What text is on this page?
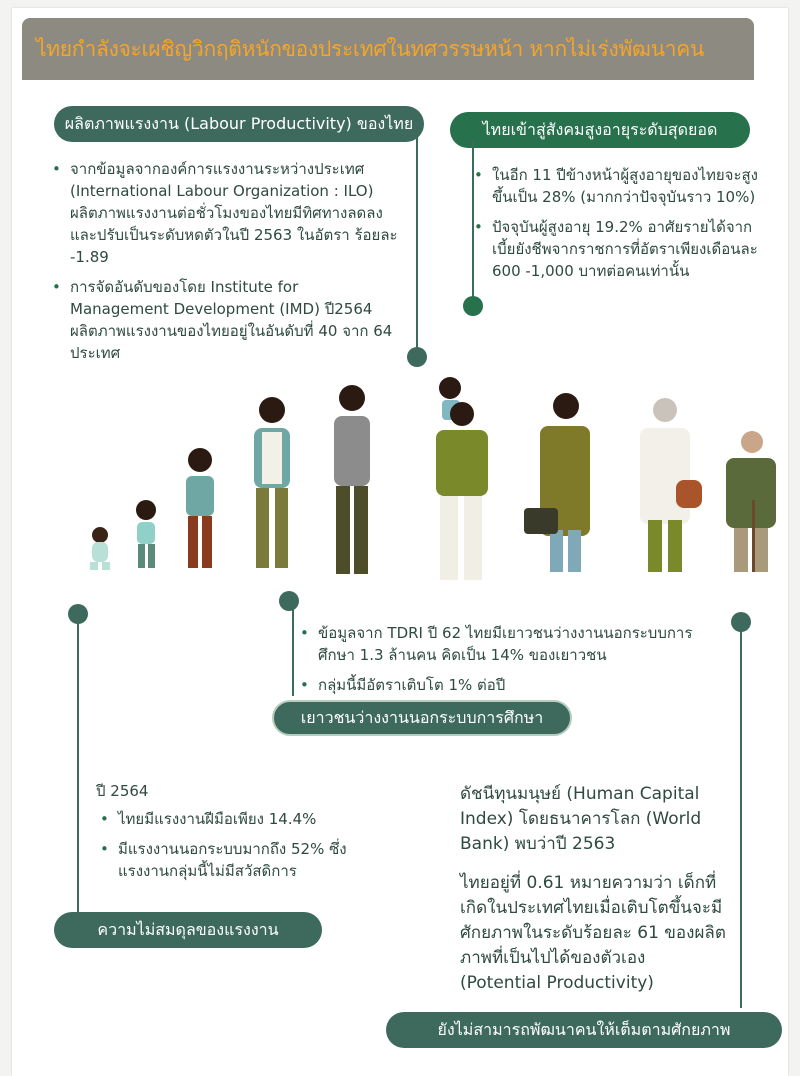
ไทยกำลังจะเผชิญวิกฤติหนักของประเทศในทศวรรษหน้า หากไม่เร่งพัฒนาคน
ผลิตภาพแรงงาน (Labour Productivity) ของไทย
• จากข้อมูลจากองค์การแรงงานระหว่างประเทศ (International Labour Organization : ILO) ผลิตภาพแรงงานต่อชั่วโมงของไทยมีทิศทางลดลง และปรับเป็นระดับหดตัวในปี 2563 ในอัตรา ร้อยละ -1.89
• การจัดอันดับของโดย Institute for Management Development (IMD) ปี2564 ผลิตภาพแรงงานของไทยอยู่ในอันดับที่ 40 จาก 64 ประเทศ
ไทยเข้าสู่สังคมสูงอายุระดับสุดยอด
• ในอีก 11 ปีข้างหน้าผู้สูงอายุของไทยจะสูงขึ้นเป็น 28% (มากกว่าปัจจุบันราว 10%)
• ปัจจุบันผู้สูงอายุ 19.2% อาศัยรายได้จากเบี้ยยังชีพจากราชการที่อัตราเพียงเดือนละ 600 -1,000 บาทต่อคนเท่านั้น
• ข้อมูลจาก TDRI ปี 62 ไทยมีเยาวชนว่างงานนอกระบบการศึกษา 1.3 ล้านคน คิดเป็น 14% ของเยาวชน
• กลุ่มนี้มีอัตราเติบโต 1% ต่อปี
เยาวชนว่างงานนอกระบบการศึกษา

ปี 2564

• ไทยมีแรงงานฝีมือเพียง 14.4%
• มีแรงงานนอกระบบมากถึง 52% ซึ่งแรงงานกลุ่มนี้ไม่มีสวัสดิการ
ความไม่สมดุลของแรงงาน

ดัชนีทุนมนุษย์ (Human Capital Index) โดยธนาคารโลก (World Bank) พบว่าปี 2563

ไทยอยู่ที่ 0.61 หมายความว่า เด็กที่เกิดในประเทศไทยเมื่อเติบโตขึ้นจะมีศักยภาพในระดับร้อยละ 61 ของผลิตภาพที่เป็นไปได้ของตัวเอง (Potential Productivity)

ยังไม่สามารถพัฒนาคนให้เต็มตามศักยภาพ
